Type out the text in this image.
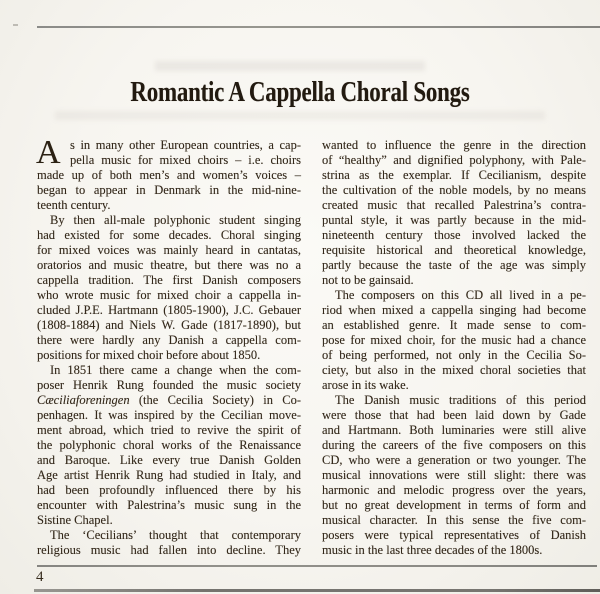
Romantic A Cappella Choral Songs
A s in many other European countries, a cap-
pella music for mixed choirs – i.e. choirs
made up of both men’s and women’s voices –
began to appear in Denmark in the mid-nine-
teenth century.
By then all-male polyphonic student singing
had existed for some decades. Choral singing
for mixed voices was mainly heard in cantatas,
oratorios and music theatre, but there was no a
cappella tradition. The first Danish composers
who wrote music for mixed choir a cappella in-
cluded J.P.E. Hartmann (1805-1900), J.C. Gebauer
(1808-1884) and Niels W. Gade (1817-1890), but
there were hardly any Danish a cappella com-
positions for mixed choir before about 1850.
In 1851 there came a change when the com-
poser Henrik Rung founded the music society
Cæciliaforeningen (the Cecilia Society) in Co-
penhagen. It was inspired by the Cecilian move-
ment abroad, which tried to revive the spirit of
the polyphonic choral works of the Renaissance
and Baroque. Like every true Danish Golden
Age artist Henrik Rung had studied in Italy, and
had been profoundly influenced there by his
encounter with Palestrina’s music sung in the
Sistine Chapel.
The ‘Cecilians’ thought that contemporary
religious music had fallen into decline. They
wanted to influence the genre in the direction
of “healthy” and dignified polyphony, with Pale-
strina as the exemplar. If Cecilianism, despite
the cultivation of the noble models, by no means
created music that recalled Palestrina’s contra-
puntal style, it was partly because in the mid-
nineteenth century those involved lacked the
requisite historical and theoretical knowledge,
partly because the taste of the age was simply
not to be gainsaid.
The composers on this CD all lived in a pe-
riod when mixed a cappella singing had become
an established genre. It made sense to com-
pose for mixed choir, for the music had a chance
of being performed, not only in the Cecilia So-
ciety, but also in the mixed choral societies that
arose in its wake.
The Danish music traditions of this period
were those that had been laid down by Gade
and Hartmann. Both luminaries were still alive
during the careers of the five composers on this
CD, who were a generation or two younger. The
musical innovations were still slight: there was
harmonic and melodic progress over the years,
but no great development in terms of form and
musical character. In this sense the five com-
posers were typical representatives of Danish
music in the last three decades of the 1800s.
4
